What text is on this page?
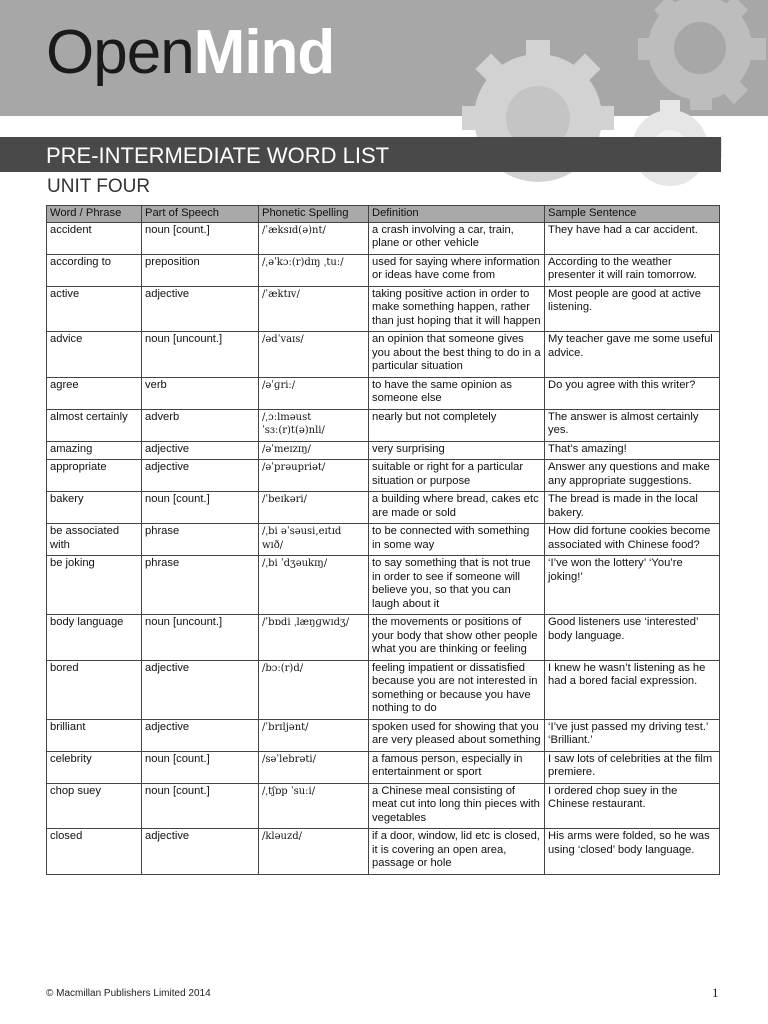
OpenMind
PRE-INTERMEDIATE WORD LIST
UNIT FOUR
Word / Phrase	Part of Speech	Phonetic Spelling	Definition	Sample Sentence
accident	noun [count.]	/ˈæksɪd(ə)nt/	a crash involving a car, train, plane or other vehicle	They have had a car accident.
according to	preposition	/ˌəˈkɔː(r)dɪŋ ˌtuː/	used for saying where information or ideas have come from	According to the weather presenter it will rain tomorrow.
active	adjective	/ˈæktɪv/	taking positive action in order to make something happen, rather than just hoping that it will happen	Most people are good at active listening.
advice	noun [uncount.]	/ədˈvaɪs/	an opinion that someone gives you about the best thing to do in a particular situation	My teacher gave me some useful advice.
agree	verb	/əˈɡriː/	to have the same opinion as someone else	Do you agree with this writer?
almost certainly	adverb	/ˌɔːlməust ˈsɜː(r)t(ə)nli/	nearly but not completely	The answer is almost certainly yes.
amazing	adjective	/əˈmeɪzɪŋ/	very surprising	That’s amazing!
appropriate	adjective	/əˈprəupriət/	suitable or right for a particular situation or purpose	Answer any questions and make any appropriate suggestions.
bakery	noun [count.]	/ˈbeɪkəri/	a building where bread, cakes etc are made or sold	The bread is made in the local bakery.
be associated with	phrase	/ˌbi əˈsəusi‚eɪtɪd wɪð/	to be connected with something in some way	How did fortune cookies become associated with Chinese food?
be joking	phrase	/ˌbi ˈdʒəukɪŋ/	to say something that is not true in order to see if someone will believe you, so that you can laugh about it	‘I’ve won the lottery’ ‘You’re joking!’
body language	noun [uncount.]	/ˈbɒdi ˌlæŋɡwɪdʒ/	the movements or positions of your body that show other people what you are thinking or feeling	Good listeners use ‘interested’ body language.
bored	adjective	/bɔː(r)d/	feeling impatient or dissatisfied because you are not interested in something or because you have nothing to do	I knew he wasn’t listening as he had a bored facial expression.
brilliant	adjective	/ˈbrɪljənt/	spoken used for showing that you are very pleased about something	‘I’ve just passed my driving test.’ ‘Brilliant.’
celebrity	noun [count.]	/səˈlebrəti/	a famous person, especially in entertainment or sport	I saw lots of celebrities at the film premiere.
chop suey	noun [count.]	/ˌtʃɒp ˈsuːi/	a Chinese meal consisting of meat cut into long thin pieces with vegetables	I ordered chop suey in the Chinese restaurant.
closed	adjective	/kləuzd/	if a door, window, lid etc is closed, it is covering an open area, passage or hole	His arms were folded, so he was using ‘closed’ body language.
© Macmillan Publishers Limited 2014	1
